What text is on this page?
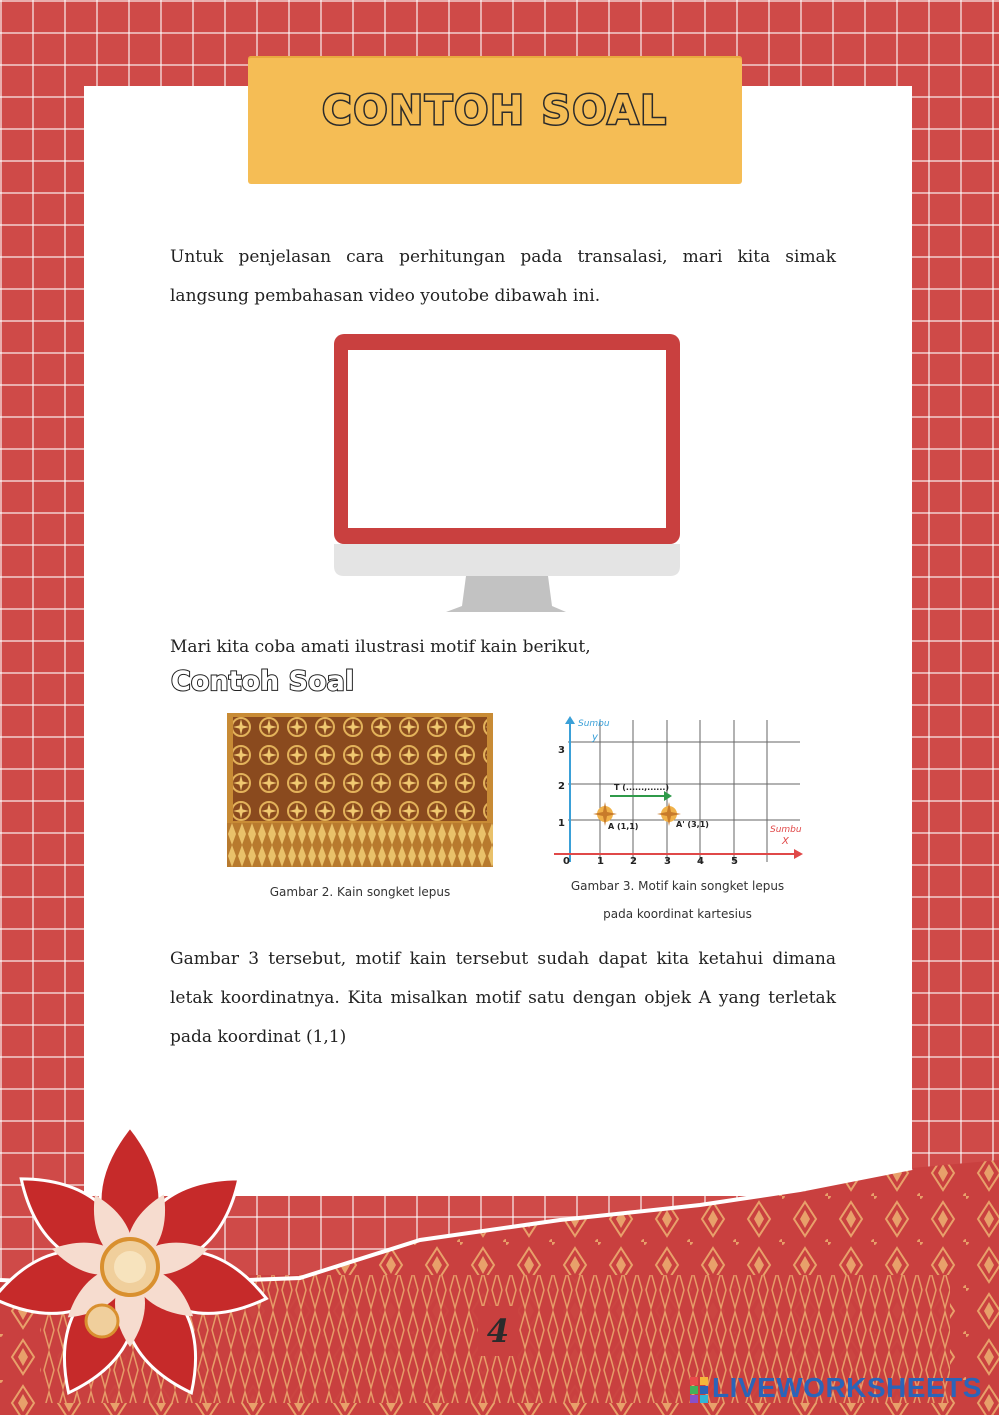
CONTOH SOAL
Untuk penjelasan cara perhitungan pada transalasi, mari kita simak langsung pembahasan video youtobe dibawah ini.
Mari kita coba amati ilustrasi motif kain berikut,
Contoh Soal
Gambar 2. Kain songket lepus
Sumbu
y
Sumbu
X
T (......,......)
A (1,1)	A' (3,1)
0	1	2	3	4	5
1
2
3
Gambar 3. Motif kain songket lepus
pada koordinat kartesius
Gambar 3 tersebut, motif kain tersebut sudah dapat kita ketahui dimana letak koordinatnya. Kita misalkan motif satu dengan objek A yang terletak pada koordinat (1,1)
4
LIVEWORKSHEETS
